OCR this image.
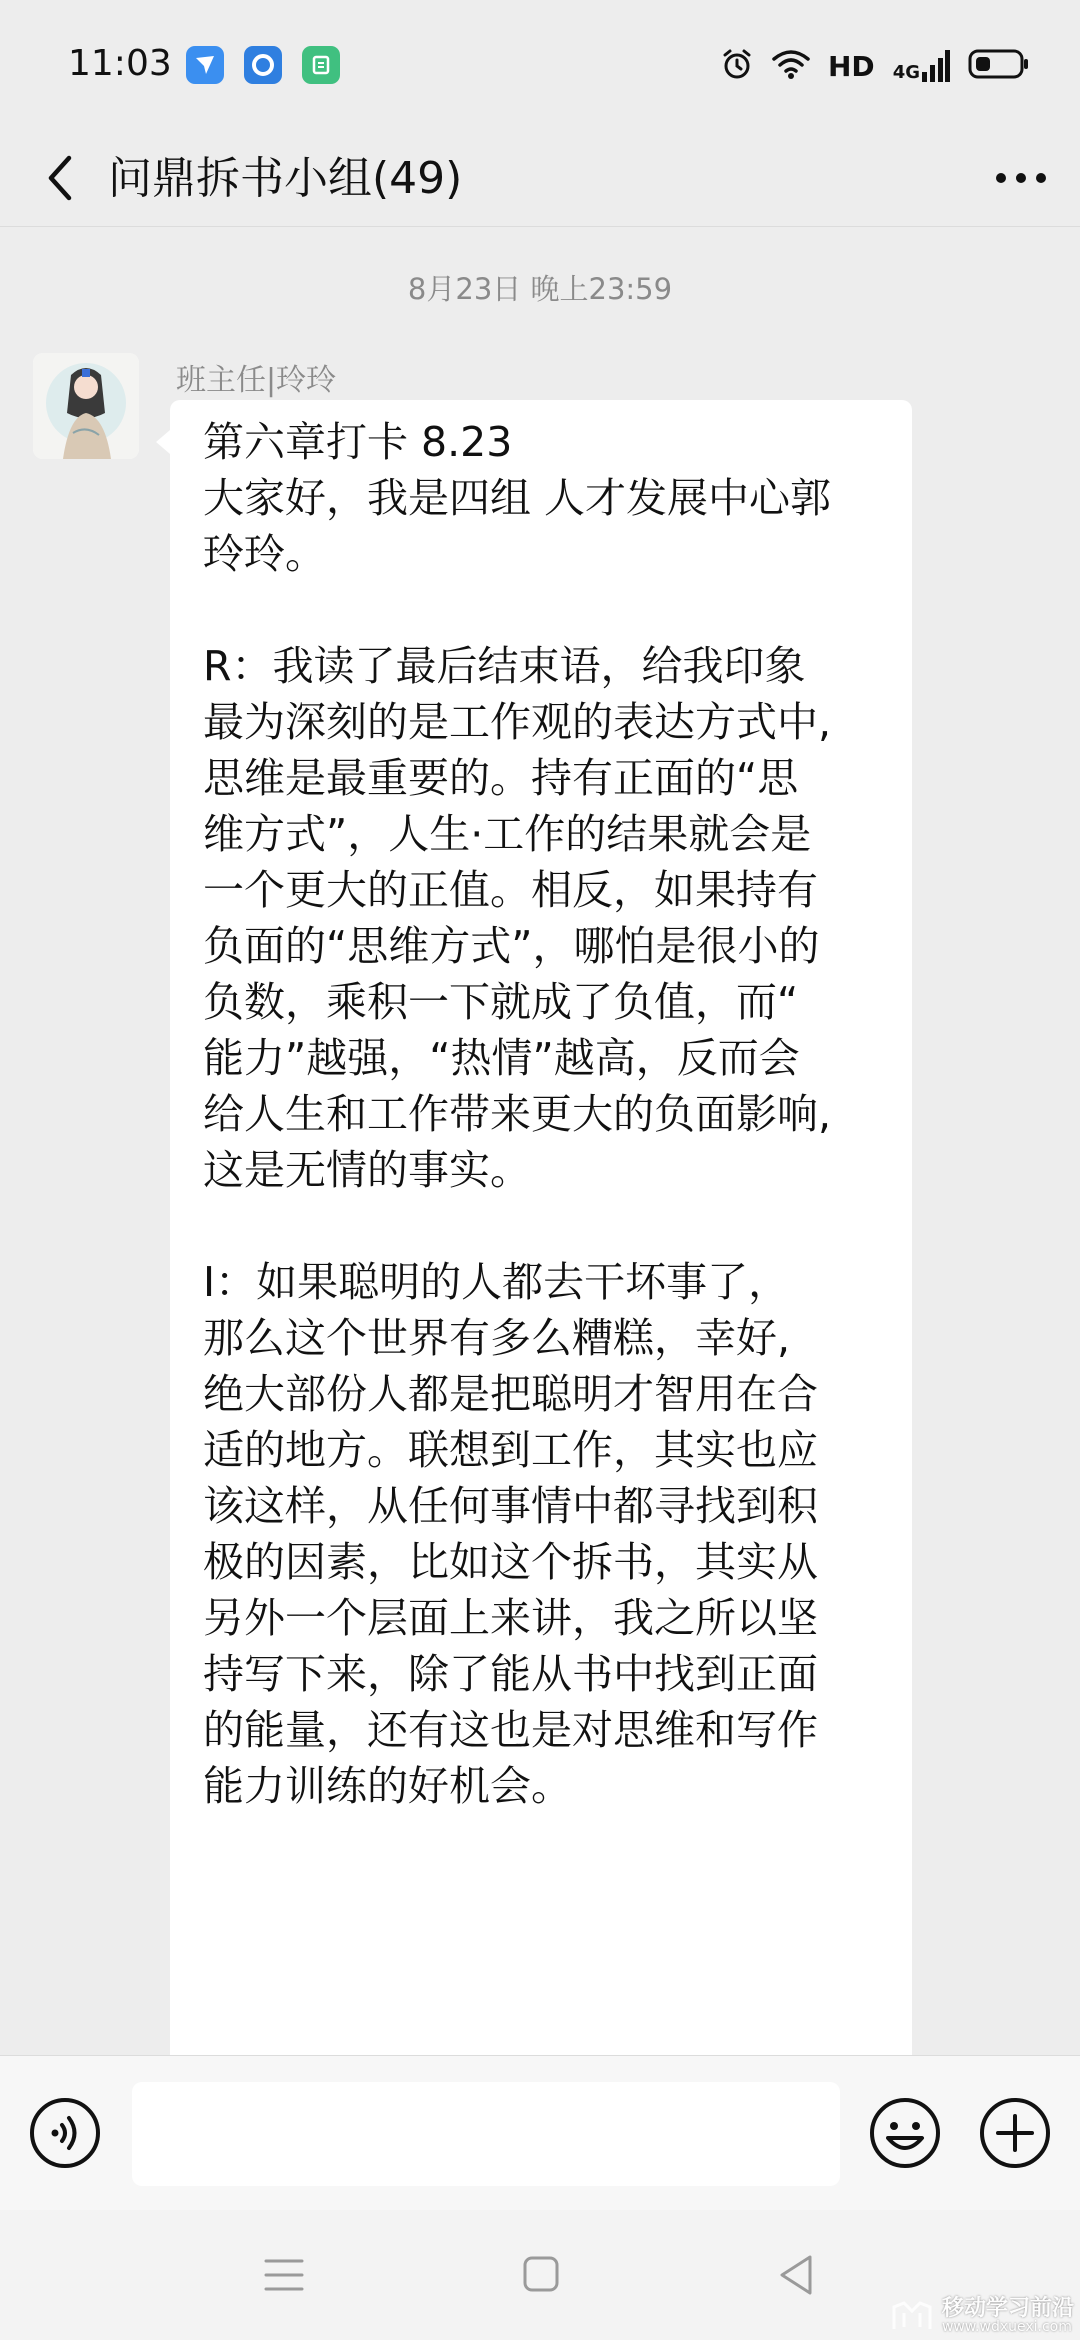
11:03	HD 4G
问鼎拆书小组(49)
8月23日 晚上23:59
班主任|玲玲
第六章打卡 8.23
大家好，我是四组 人才发展中心郭
玲玲。
R：我读了最后结束语，给我印象
最为深刻的是工作观的表达方式中,
思维是最重要的。持有正面的“思
维方式”，人生·工作的结果就会是
一个更大的正值。相反，如果持有
负面的“思维方式”，哪怕是很小的
负数，乘积一下就成了负值，而“
能力”越强，“热情”越高，反而会
给人生和工作带来更大的负面影响,
这是无情的事实。
I：如果聪明的人都去干坏事了，
那么这个世界有多么糟糕，幸好,
绝大部份人都是把聪明才智用在合
适的地方。联想到工作，其实也应
该这样，从任何事情中都寻找到积
极的因素，比如这个拆书，其实从
另外一个层面上来讲，我之所以坚
持写下来，除了能从书中找到正面
的能量，还有这也是对思维和写作
能力训练的好机会。
移动学习前沿
www.wdxuexi.com
